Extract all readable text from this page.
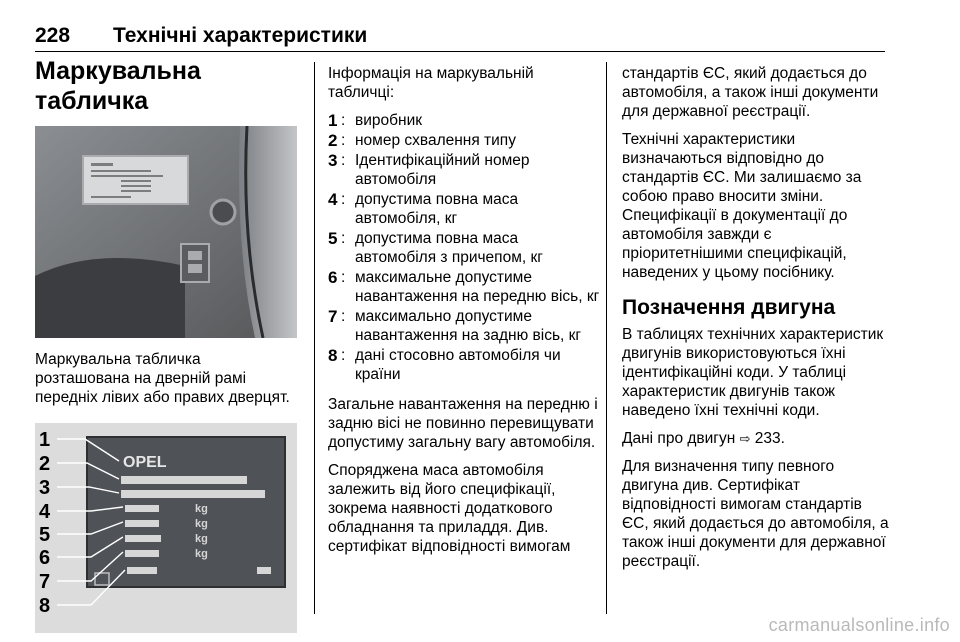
228 Технічні характеристики
Маркувальна табличка
Маркувальна табличка розташована на дверній рамі передніх лівих або правих дверцят.
OPEL
kg
kg
kg
kg
1
2
3
4
5
6
7
8

Інформація на маркувальній табличці:

1 : виробник
2 : номер схвалення типу
3 : Ідентифікаційний номер автомобіля
4 : допустима повна маса автомобіля, кг
5 : допустима повна маса автомобіля з причепом, кг
6 : максимальне допустиме навантаження на передню вісь, кг
7 : максимально допустиме навантаження на задню вісь, кг
8 : дані стосовно автомобіля чи країни

Загальне навантаження на передню і задню вісі не повинно перевищувати допустиму загальну вагу автомобіля.

Споряджена маса автомобіля залежить від його специфікації, зокрема наявності додаткового обладнання та приладдя. Див. сертифікат відповідності вимогам

стандартів ЄС, який додається до автомобіля, а також інші документи для державної реєстрації.

Технічні характеристики визначаються відповідно до стандартів ЄС. Ми залишаємо за собою право вносити зміни. Специфікації в документації до автомобіля завжди є пріоритетнішими специфікацій, наведених у цьому посібнику.

Позначення двигуна

В таблицях технічних характеристик двигунів використовуються їхні ідентифікаційні коди. У таблиці характеристик двигунів також наведено їхні технічні коди.

Дані про двигун ⇨ 233.

Для визначення типу певного двигуна див. Сертифікат відповідності вимогам стандартів ЄС, який додається до автомобіля, а також інші документи для державної реєстрації.

carmanualsonline.info
